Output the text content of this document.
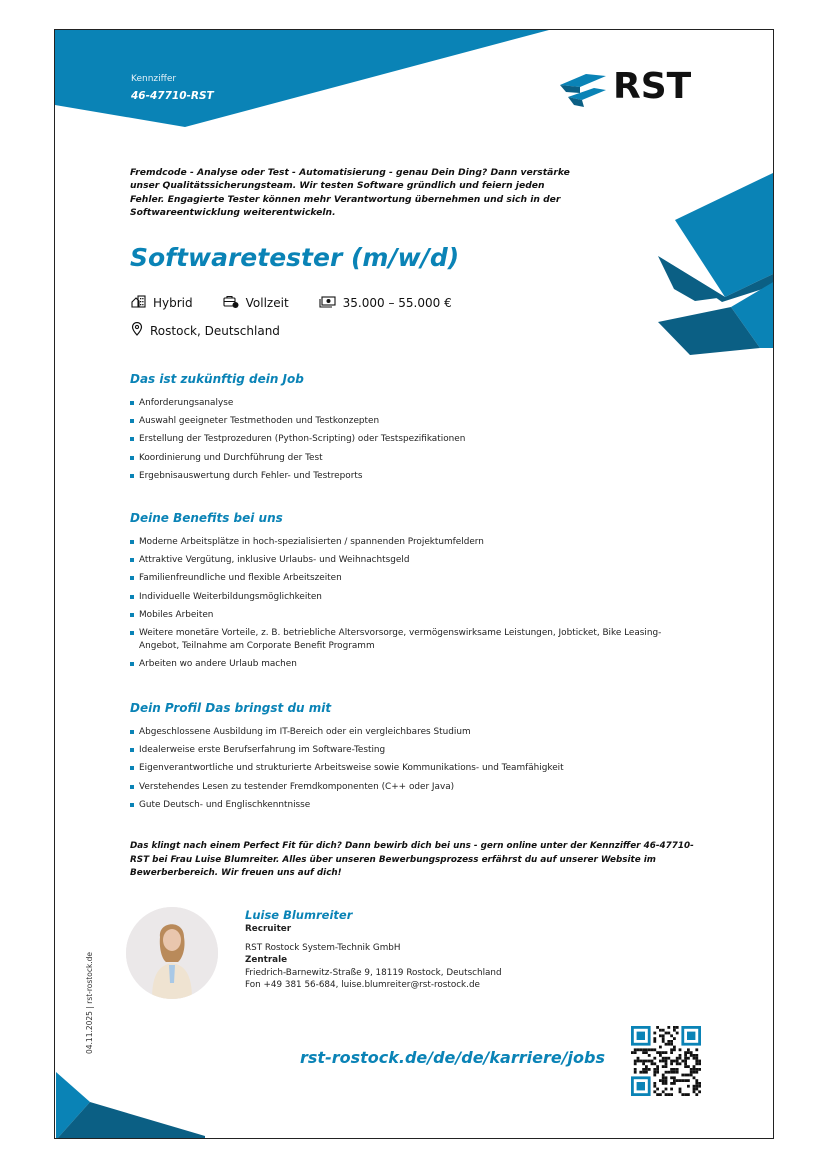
Kennziffer
46-47710-RST	RST
Fremdcode - Analyse oder Test - Automatisierung - genau Dein Ding? Dann verstärke unser Qualitätssicherungsteam. Wir testen Software gründlich und feiern jeden Fehler. Engagierte Tester können mehr Verantwortung übernehmen und sich in der Softwareentwicklung weiterentwickeln.
Softwaretester (m/w/d)
Hybrid	Vollzeit	35.000 – 55.000 €
Rostock, Deutschland
Das ist zukünftig dein Job
Anforderungsanalyse
Auswahl geeigneter Testmethoden und Testkonzepten
Erstellung der Testprozeduren (Python-Scripting) oder Testspezifikationen
Koordinierung und Durchführung der Test
Ergebnisauswertung durch Fehler- und Testreports
Deine Benefits bei uns
Moderne Arbeitsplätze in hoch-spezialisierten / spannenden Projektumfeldern
Attraktive Vergütung, inklusive Urlaubs- und Weihnachtsgeld
Familienfreundliche und flexible Arbeitszeiten
Individuelle Weiterbildungsmöglichkeiten
Mobiles Arbeiten
Weitere monetäre Vorteile, z. B. betriebliche Altersvorsorge, vermögenswirksame Leistungen, Jobticket, Bike Leasing-Angebot, Teilnahme am Corporate Benefit Programm
Arbeiten wo andere Urlaub machen
Dein Profil Das bringst du mit
Abgeschlossene Ausbildung im IT-Bereich oder ein vergleichbares Studium
Idealerweise erste Berufserfahrung im Software-Testing
Eigenverantwortliche und strukturierte Arbeitsweise sowie Kommunikations- und Teamfähigkeit
Verstehendes Lesen zu testender Fremdkomponenten (C++ oder Java)
Gute Deutsch- und Englischkenntnisse
Das klingt nach einem Perfect Fit für dich? Dann bewirb dich bei uns - gern online unter der Kennziffer 46-47710-RST bei Frau Luise Blumreiter. Alles über unseren Bewerbungsprozess erfährst du auf unserer Website im Bewerberbereich. Wir freuen uns auf dich!
Luise Blumreiter
Recruiter
RST Rostock System-Technik GmbH
Zentrale
Friedrich-Barnewitz-Straße 9, 18119 Rostock, Deutschland
Fon +49 381 56-684, luise.blumreiter@rst-rostock.de
04.11.2025 | rst-rostock.de
rst-rostock.de/de/de/karriere/jobs
